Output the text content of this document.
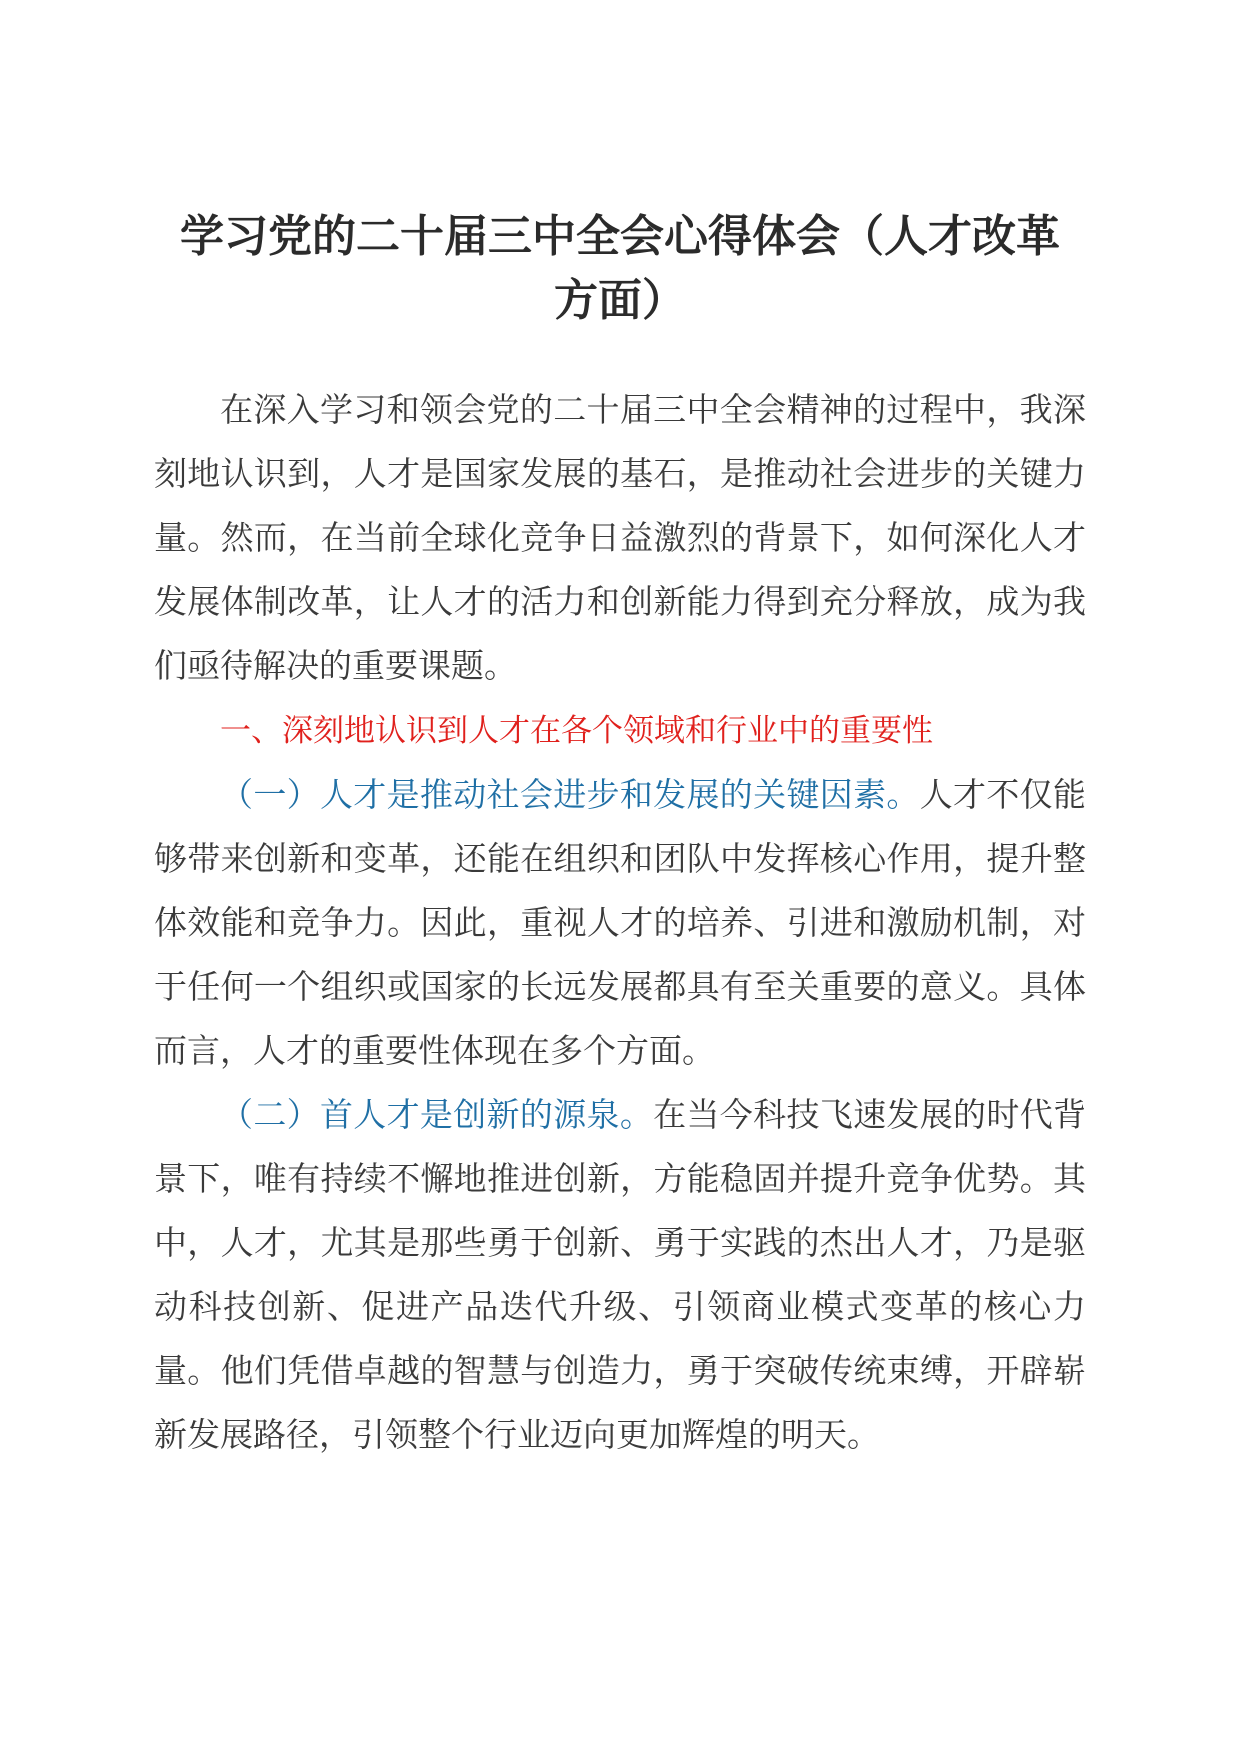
学习党的二十届三中全会心得体会（人才改革
方面）

在深入学习和领会党的二十届三中全会精神的过程中，我深刻地认识到，人才是国家发展的基石，是推动社会进步的关键力量。然而，在当前全球化竞争日益激烈的背景下，如何深化人才发展体制改革，让人才的活力和创新能力得到充分释放，成为我们亟待解决的重要课题。

一、深刻地认识到人才在各个领域和行业中的重要性

（一）人才是推动社会进步和发展的关键因素。人才不仅能够带来创新和变革，还能在组织和团队中发挥核心作用，提升整体效能和竞争力。因此，重视人才的培养、引进和激励机制，对于任何一个组织或国家的长远发展都具有至关重要的意义。具体而言，人才的重要性体现在多个方面。

（二）首人才是创新的源泉。在当今科技飞速发展的时代背景下，唯有持续不懈地推进创新，方能稳固并提升竞争优势。其中，人才，尤其是那些勇于创新、勇于实践的杰出人才，乃是驱动科技创新、促进产品迭代升级、引领商业模式变革的核心力量。他们凭借卓越的智慧与创造力，勇于突破传统束缚，开辟崭新发展路径，引领整个行业迈向更加辉煌的明天。
